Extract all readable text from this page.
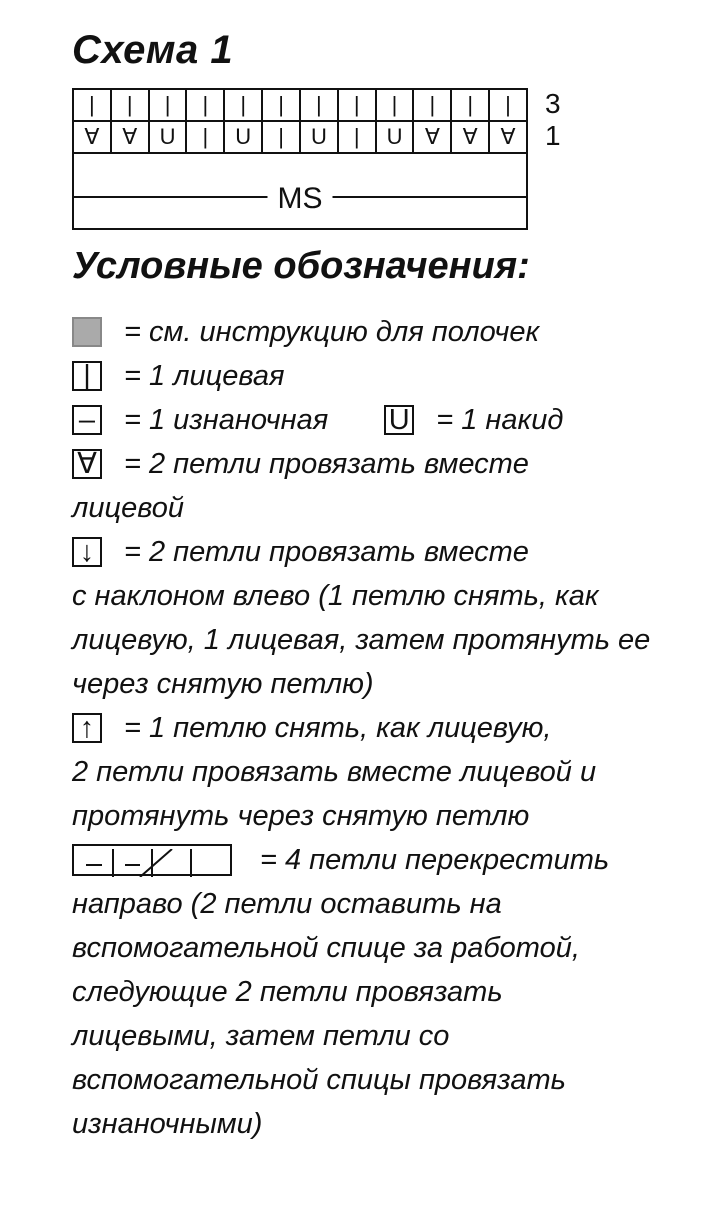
Схема 1
|	|	|	|	|	|	|	|	|	|	|	|
∀	∀	U	|	U	|	U	|	U	∀	∀	∀
MS
3
1
Условные обозначения:
= см. инструкцию для полочек
|	= 1 лицевая
– = 1 изнаночная U = 1 накид
∀ = 2 петли провязать вместе
лицевой
↓ = 2 петли провязать вместе
с наклоном влево (1 петлю снять, как
лицевую, 1 лицевая, затем протянуть ее
через снятую петлю)
↑ = 1 петлю снять, как лицевую,
2 петли провязать вместе лицевой и
протянуть через снятую петлю
= 4 петли перекрестить
направо (2 петли оставить на
вспомогательной спице за работой,
следующие 2 петли провязать
лицевыми, затем петли со
вспомогательной спицы провязать
изнаночными)
